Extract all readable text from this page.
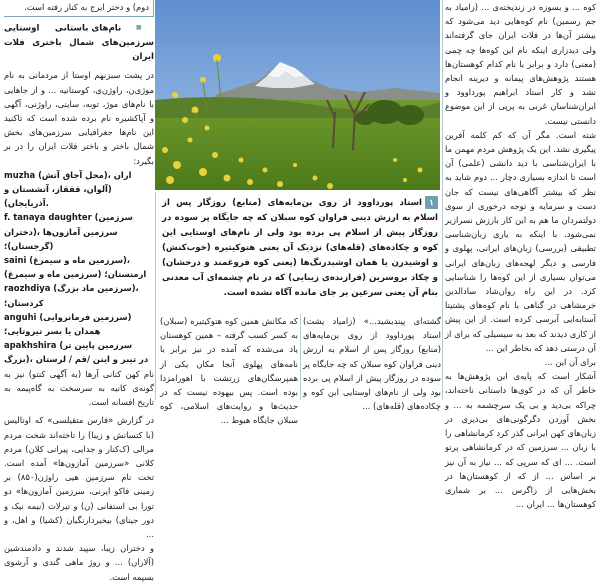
دوم) و دختر ایرج به کنار رفته است.

■ نام‌های باستانی اوستایی سرزمین‌های شمال باختری فلات ایران

در پشت سبزنهم اوستا از مردمانی به نام موژی‌ن، راوژن‌ی، کوستانیه ... و از جاهایی با نام‌های موژ، توبه، ساینی، راوژنی، آگهی و آپاکشیره نام برده شده است که تاکنید این نام‌ها جغرافیایی سرزمین‌های بخش شمال باختر و باختر فلات ایران را در بر بگیرد:

muzha (محل آجاق آتش)، اران (آلوان، قفقاز، آتشستان و آذربایجان).

f. tanaya daughter (سرزمین دختران)، سرزمین آمازون‌ها (گرجستان)؛

saini (سرزمین ماه و سیمرغ)، (سرزمین ماه و سیمرغ) ارمنستان؛

raozhdiya (سرزمین ماد بزرگ)، کردستان؛

anguhi (سرزمین فرمانروایی) همدان یا بسر تیروتایی؛

apakhshira (سرزمین پایین تر بزرگ)، در تیبر و اینن /قم / لرستان

نام کهن کنانی آرها (به آگهی کنتو) نیز به گونه‌ی کانیه به سرسخت به گاه‌پیمه به تاریخ افسانه است.

در گزارش «فارس متقیلسی» که اوتالیس (با کتسانش و زیبا) را تاخته‌اند شخت مردم مرالی (ک‌کنار و جدایی، پیرانی کلان) مردم کلانی «سرزمین آمازون‌ها» آمده است. تخت نام سرزمین هیی راوژن(۸۵۰) بر زمینی فاکو ایرنی، سرزمین آمازون‌ها» دو تورا بی استفانی (ن) و تیرلات (نیمه نیک و دور جینای) بیخبردارنگیان (کشیا) و اهل، و ...

و دختران زیبا، سپید شدند و دادمندشین (آلاران) ... و روژ ماهی گندی و آرشوی بسپمه است.

۱استاد پورداوود از روی بن‌مایه‌های (منابع) روزگار پس از اسلام به ارزش دینی فراوان کوه سبلان که چه جایگاه پر سوده در روزگار پیش از اسلام پی برده بود ولی از نام‌های اوستایی این کوه و چکاده‌های (قله‌های) نزدیک آن یعنی هتوکیتیره (خوب‌کنش) و اوشیدرن یا همان اوشیدرنگ‌ها (یعنی کوه فروغمند و درخشان) و چکاد بروسرین (فرازنده‌ی زیبایی) که در نام چشمه‌ای آب معدنی بنام آن یعنی سرعین بر جای مانده آگاه نشده است.

گشته‌ای پیندیشید...» (زامیاد یشت) استاد پورداوود از روی بن‌مایه‌های (منابع) روزگار پس از اسلام به ارزش دینی فراوان کوه سبلان که چه جایگاه پر سوده در روزگار پیش از اسلام پی برده بود ولی از نام‌های اوستایی این کوه و چکاده‌های (قله‌های) ...

که مکانش همین کوه هتوکیتیره (سبلان) به کسر کسب گرفته – همین کوهستان یاد می‌شده که آمده در نیز برابر با نامه‌های پهلوی آنجا مکان یکی از همپرسگان‌های زرتشت با اهورامزدا بوده است. پس بیهوده نیست که در حدیث‌ها و روایت‌های اسلامی، کوه سبلان جایگاه هبوط ...

کوه ... و بسوزه در زندیخته‌ی ... (زامیاد به جم رسمین) نام کوه‌هایی دید می‌شود که بیشتر آن‌ها در فلات ایران جای گرفته‌اند ولی دیدزاری اینکه نام این کوه‌ها چه چمی (معنی) دارد و برابر با نام کدام کوهستان‌ها هستند پژوهش‌های پیمانه و دیرینه انجام نشد و کار استاد ابراهیم پورداوود و ایران‌شناسان غربی به پرپی از این موضوع دانستی نیست.

شته است. مگر آن که کم کلمه آفرین پیگیری نشد. این یک پژوهش مردم مهمن ما با ایران‌شناسی با دید دانشی (علمی) آن است تا اندازه بسیاری دچار ... دوم شاید به نظر که بیشتر آگاهی‌های نیست که جان دست و سرمایه و توجه درخوری از سوی دولتمردان ما هم به این کار بارزش نسرازیر نمی‌شود. با اینکه به یاری زبان‌شناسی تطبیقی (بررسی) زبان‌های ایرانی، پهلوی و فارسی و دیگر لهجه‌های زبان‌های ایرانی می‌توان بسیاری از این کوه‌ها را شناسایی کرد. در این راه روان‌شاد سادالدین خرمشاهی در گناهی با نام کوه‌های پشتیتا آستابه‌ایی آبرسی کرده است. از این پیش از کاری دیدند که بعد به سیسیلی که برای از آن درستی دهد که بخاطر این ...

برای آن این ...

آشکار است که پایه‌ی این پژوهش‌ها به خاطر آن که در کوی‌ها داستانی ناخته‌اند، چراکه بی‌دید و بی‌ یک سرچشمه به ... و بخش آوردن دگرگونی‌های بی‌ذیری در زبان‌های کهن ایرانی گذر کرد کرمانشاهی را با زبان ... سرزمین که در کرمانشاهی پرتو است. ... ای که سرپی که ... نیاز به آن نیز بر اساس ... از که از کوهستان‌ها در بخش‌هایی از زاگرس ... بر شماری کوهستان‌ها ... ایران ...
